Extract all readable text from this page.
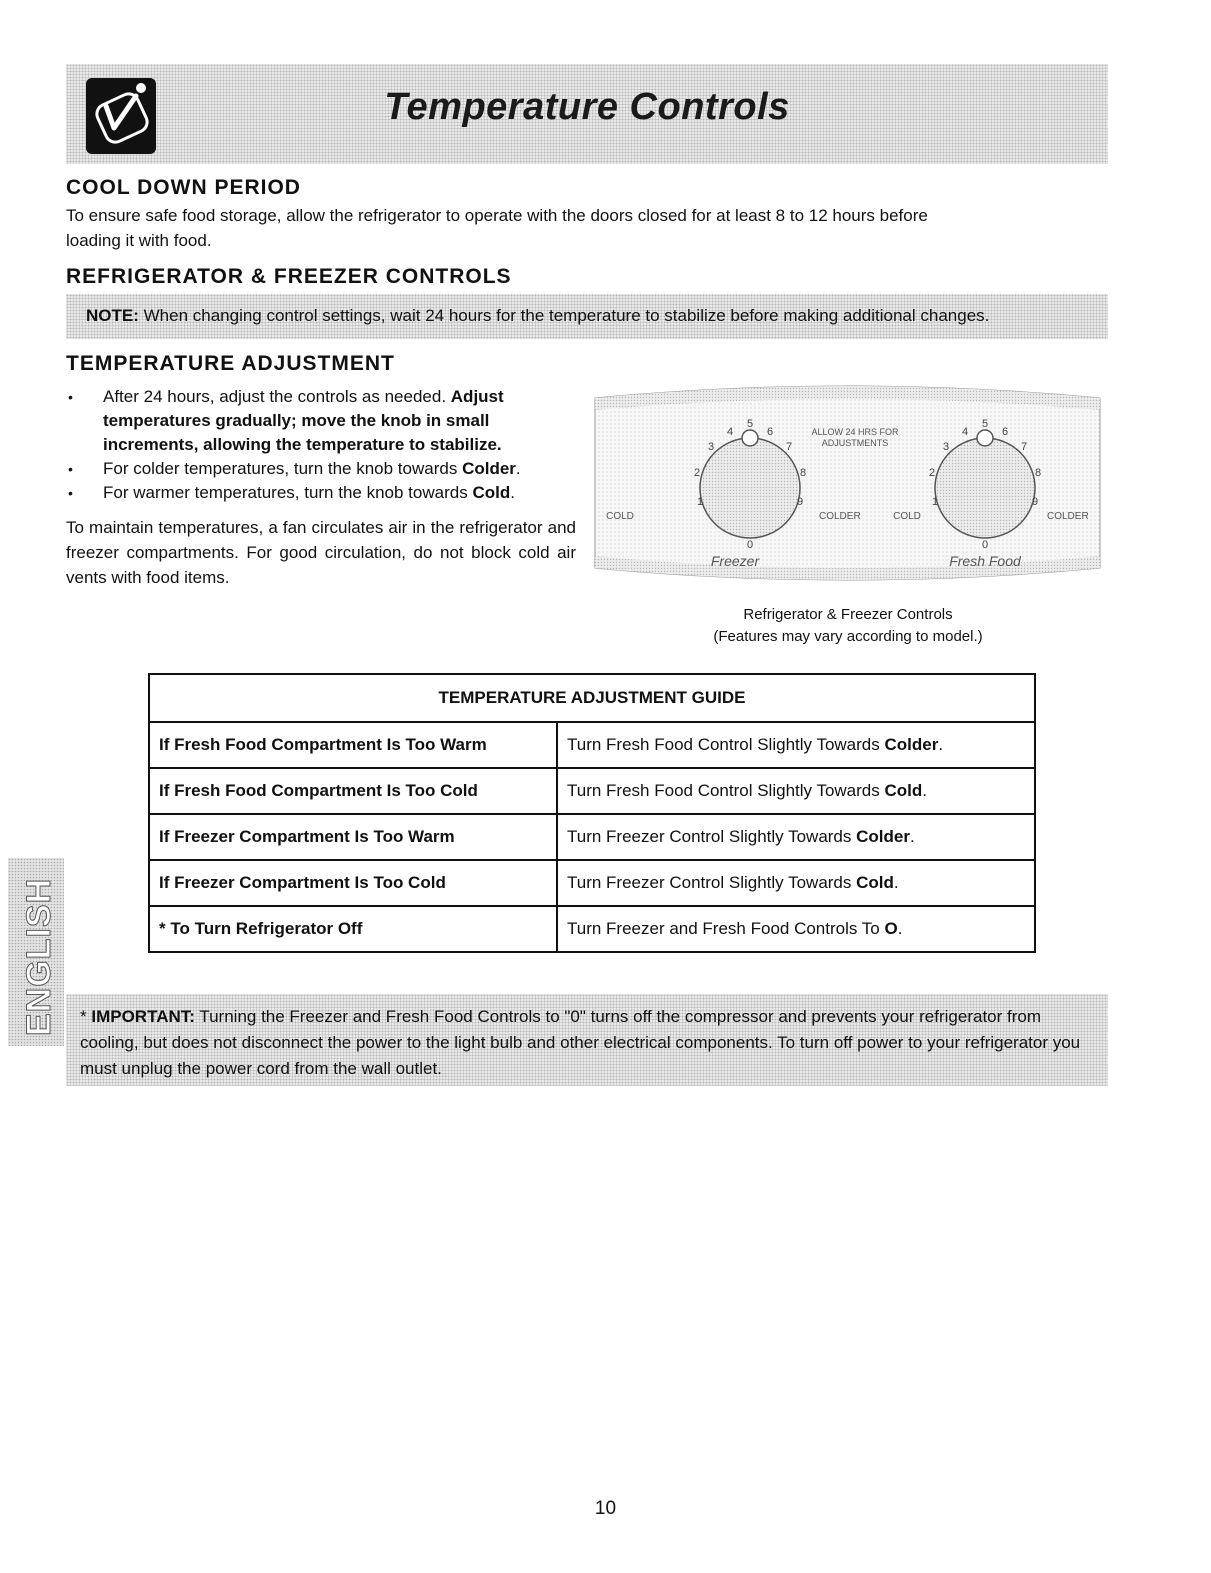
Temperature Controls
COOL DOWN PERIOD

To ensure safe food storage, allow the refrigerator to operate with the doors closed for at least 8 to 12 hours before
loading it with food.

REFRIGERATOR & FREEZER CONTROLS
NOTE: When changing control settings, wait 24 hours for the temperature to stabilize before making additional changes.
TEMPERATURE ADJUSTMENT
• After 24 hours, adjust the controls as needed. Adjust temperatures gradually; move the knob in small increments, allowing the temperature to stabilize.
• For colder temperatures, turn the knob towards Colder.
• For warmer temperatures, turn the knob towards Cold.

To maintain temperatures, a fan circulates air in the refrigerator and freezer compartments. For good circulation, do not block cold air vents with food items.

0
1
2
3
4
5
6
7
8
9
COLD	COLDER
Freezer
0
1
2
3
4
5
6
7
8
9
COLD	COLDER
Fresh Food
ALLOW 24 HRS FOR
ADJUSTMENTS
Refrigerator & Freezer Controls
(Features may vary according to model.)
TEMPERATURE ADJUSTMENT GUIDE	
If Fresh Food Compartment Is Too Warm	Turn Fresh Food Control Slightly Towards Colder.
If Fresh Food Compartment Is Too Cold	Turn Fresh Food Control Slightly Towards Cold.
If Freezer Compartment Is Too Warm	Turn Freezer Control Slightly Towards Colder.
If Freezer Compartment Is Too Cold	Turn Freezer Control Slightly Towards Cold.
* To Turn Refrigerator Off	Turn Freezer and Fresh Food Controls To O.
ENGLISH * IMPORTANT: Turning the Freezer and Fresh Food Controls to "0" turns off the compressor and prevents your refrigerator from cooling, but does not disconnect the power to the light bulb and other electrical components. To turn off power to your refrigerator you must unplug the power cord from the wall outlet.
10
